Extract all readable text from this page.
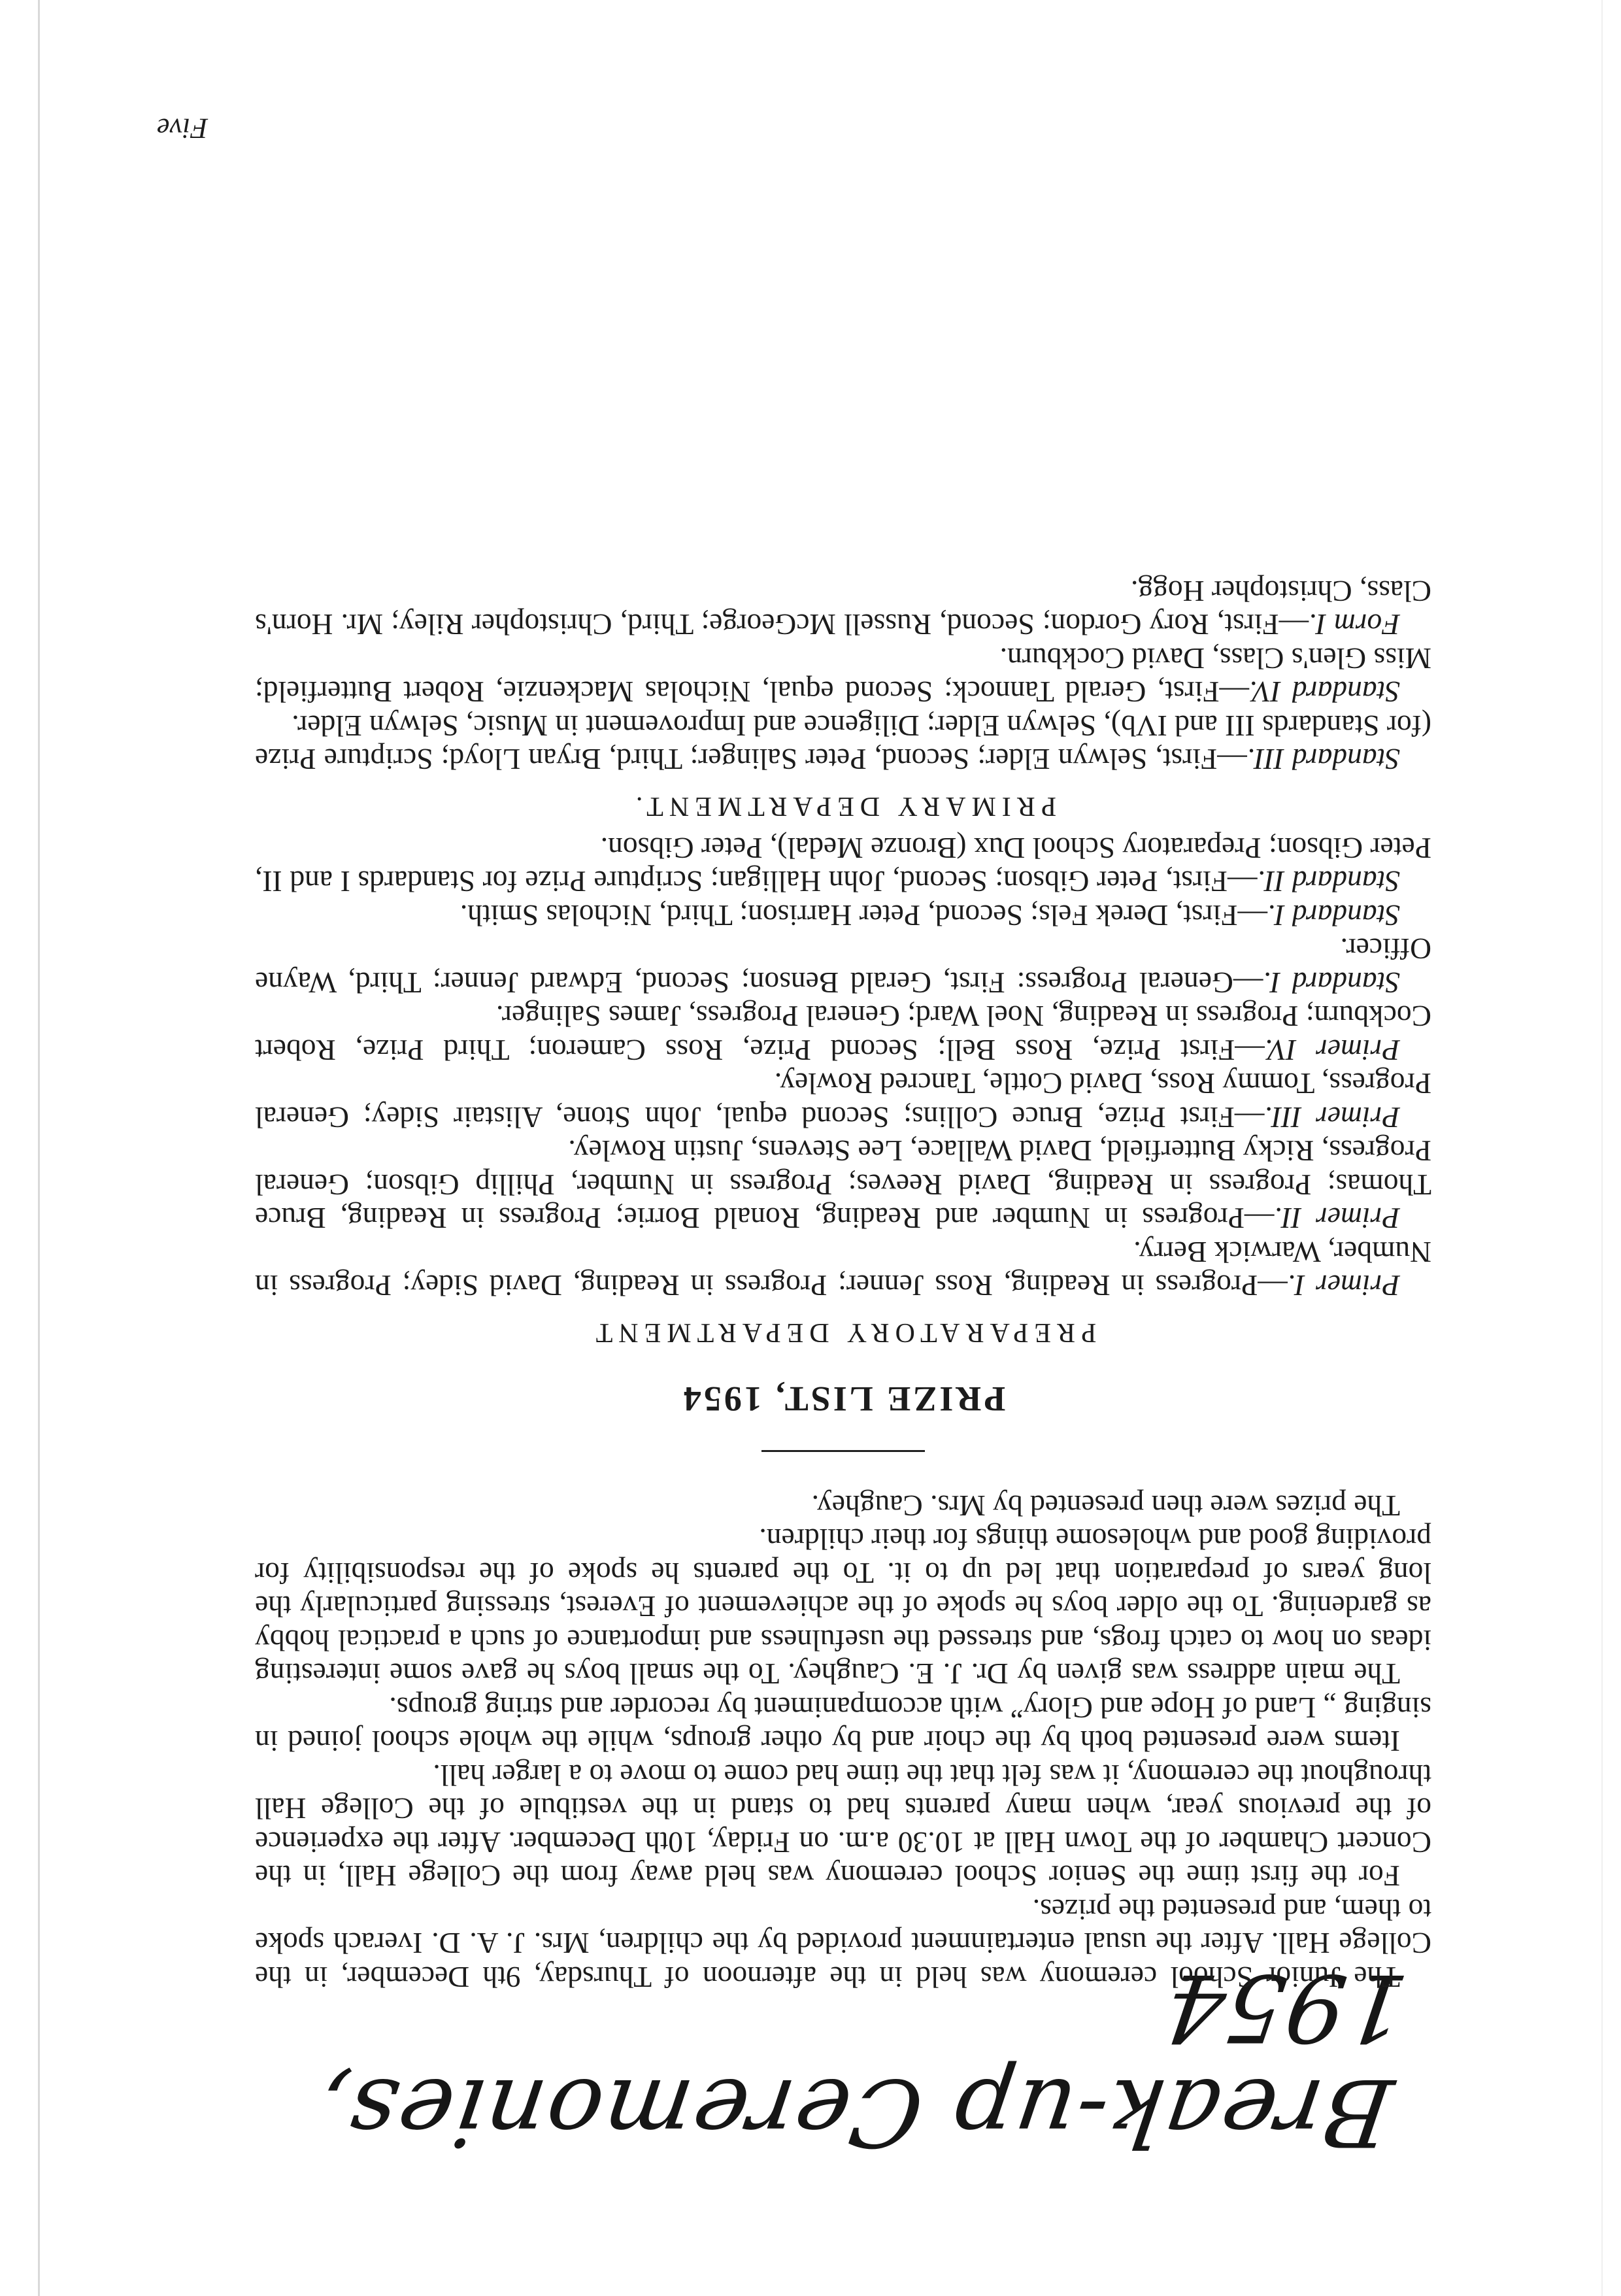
Break-up Ceremonies, 1954

The Junior School ceremony was held in the afternoon of Thursday, 9th December, in the College Hall. After the usual entertainment provided by the children, Mrs. J. A. D. Iverach spoke to them, and presented the prizes.

For the first time the Senior School ceremony was held away from the College Hall, in the Concert Chamber of the Town Hall at 10.30 a.m. on Friday, 10th December. After the experience of the previous year, when many parents had to stand in the vestibule of the College Hall throughout the ceremony, it was felt that the time had come to move to a larger hall.

Items were presented both by the choir and by other groups, while the whole school joined in singing „ Land of Hope and Glory” with accompaniment by recorder and string groups.

The main address was given by Dr. J. E. Caughey. To the small boys he gave some interesting ideas on how to catch frogs, and stressed the usefulness and importance of such a practical hobby as gardening. To the older boys he spoke of the achievement of Everest, stressing particularly the long years of preparation that led up to it. To the parents he spoke of the responsibility for providing good and wholesome things for their children.

The prizes were then presented by Mrs. Caughey.

PRIZE LIST, 1954
PREPARATORY DEPARTMENT

Primer I.—Progress in Reading, Ross Jenner; Progress in Reading, David Sidey; Progress in Number, Warwick Berry.

Primer II.—Progress in Number and Reading, Ronald Borrie; Progress in Reading, Bruce Thomas; Progress in Reading, David Reeves; Progress in Number, Phillip Gibson; General Progress, Ricky Butterfield, David Wallace, Lee Stevens, Justin Rowley.

Primer III.—First Prize, Bruce Collins; Second equal, John Stone, Alistair Sidey; General Progress, Tommy Ross, David Cottle, Tancred Rowley.

Primer IV.—First Prize, Ross Bell; Second Prize, Ross Cameron; Third Prize, Robert Cockburn; Progress in Reading, Noel Ward; General Progress, James Salinger.

Standard I.—General Progress: First, Gerald Benson; Second, Edward Jenner; Third, Wayne Officer.

Standard I.—First, Derek Fels; Second, Peter Harrison; Third, Nicholas Smith.

Standard II.—First, Peter Gibson; Second, John Halligan; Scripture Prize for Standards I and II, Peter Gibson; Preparatory School Dux (Bronze Medal), Peter Gibson.

PRIMARY DEPARTMENT.

Standard III.—First, Selwyn Elder; Second, Peter Salinger; Third, Bryan Lloyd; Scripture Prize (for Standards III and IVb), Selwyn Elder; Diligence and Improvement in Music, Selwyn Elder.

Standard IV.—First, Gerald Tannock; Second equal, Nicholas Mackenzie, Robert Butterfield; Miss Glen's Class, David Cockburn.

Form I.—First, Rory Gordon; Second, Russell McGeorge; Third, Christopher Riley; Mr. Horn's Class, Christopher Hogg.

Five
